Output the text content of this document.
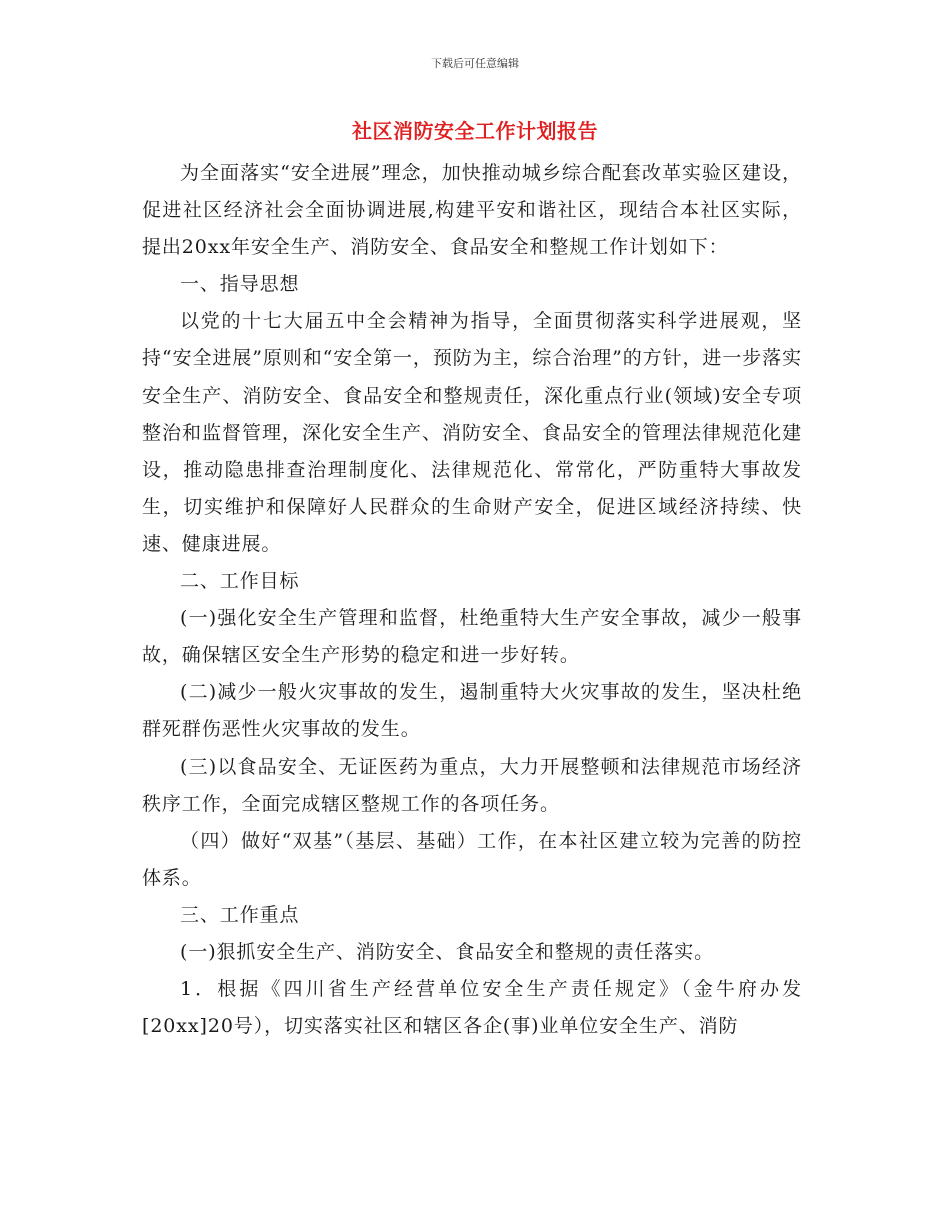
下载后可任意编辑
社区消防安全工作计划报告

为全面落实“安全进展”理念，加快推动城乡综合配套改革实验区建设，促进社区经济社会全面协调进展,构建平安和谐社区，现结合本社区实际，提出20xx年安全生产、消防安全、食品安全和整规工作计划如下：

一、指导思想

以党的十七大届五中全会精神为指导，全面贯彻落实科学进展观，坚持“安全进展”原则和“安全第一，预防为主，综合治理”的方针，进一步落实安全生产、消防安全、食品安全和整规责任，深化重点行业(领域)安全专项整治和监督管理，深化安全生产、消防安全、食品安全的管理法律规范化建设，推动隐患排查治理制度化、法律规范化、常常化，严防重特大事故发生，切实维护和保障好人民群众的生命财产安全，促进区域经济持续、快速、健康进展。

二、工作目标

(一)强化安全生产管理和监督，杜绝重特大生产安全事故，减少一般事故，确保辖区安全生产形势的稳定和进一步好转。

(二)减少一般火灾事故的发生，遏制重特大火灾事故的发生，坚决杜绝群死群伤恶性火灾事故的发生。

(三)以食品安全、无证医药为重点，大力开展整顿和法律规范市场经济秩序工作，全面完成辖区整规工作的各项任务。

（四）做好“双基”（基层、基础）工作，在本社区建立较为完善的防控体系。

三、工作重点

(一)狠抓安全生产、消防安全、食品安全和整规的责任落实。

1．根据《四川省生产经营单位安全生产责任规定》（金牛府办发[20xx]20号），切实落实社区和辖区各企(事)业单位安全生产、消防
